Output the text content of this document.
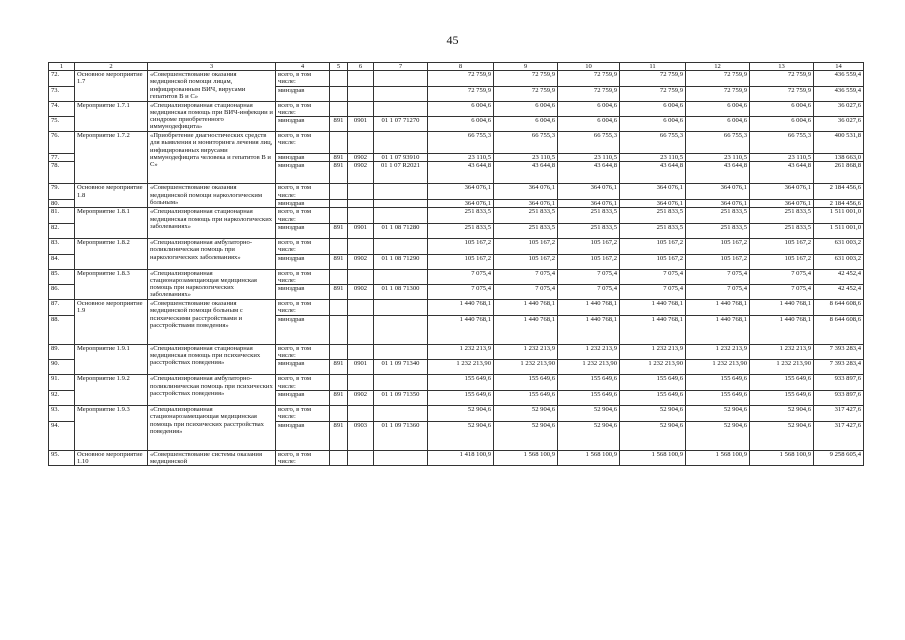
45
1	2	3	4	5	6	7	8	9	10	11	12	13	14
72.	Основное мероприятие 1.7	«Совершенствование оказания медицинской помощи лицам, инфицированным ВИЧ, вирусами гепатитов В и С»	всего, в том числе:				72 759,9	72 759,9	72 759,9	72 759,9	72 759,9	72 759,9	436 559,4
73.			минздрав				72 759,9	72 759,9	72 759,9	72 759,9	72 759,9	72 759,9	436 559,4
74.	Мероприятие 1.7.1	«Специализированная стационарная медицинская помощь при ВИЧ-инфекции и синдроме приобретенного иммунодефицита»	всего, в том числе:				6 004,6	6 004,6	6 004,6	6 004,6	6 004,6	6 004,6	36 027,6
75.			минздрав	891	0901	01 1 07 71270	6 004,6	6 004,6	6 004,6	6 004,6	6 004,6	6 004,6	36 027,6
76.	Мероприятие 1.7.2	«Приобретение диагностических средств для выявления и мониторинга лечения лиц, инфицированных вирусами иммунодефицита человека и гепатитов В и С»	всего, в том числе:				66 755,3	66 755,3	66 755,3	66 755,3	66 755,3	66 755,3	400 531,8
77.			минздрав	891	0902	01 1 07 93910	23 110,5	23 110,5	23 110,5	23 110,5	23 110,5	23 110,5	138 663,0
78.			минздрав	891	0902	01 1 07 R2021	43 644,8	43 644,8	43 644,8	43 644,8	43 644,8	43 644,8	261 868,8
79.	Основное мероприятие 1.8	«Совершенствование оказания медицинской помощи наркологическим больным»	всего, в том числе:				364 076,1	364 076,1	364 076,1	364 076,1	364 076,1	364 076,1	2 184 456,6
80.			минздрав				364 076,1	364 076,1	364 076,1	364 076,1	364 076,1	364 076,1	2 184 456,6
81.	Мероприятие 1.8.1	«Специализированная стационарная медицинская помощь при наркологических заболеваниях»	всего, в том числе:				251 833,5	251 833,5	251 833,5	251 833,5	251 833,5	251 833,5	1 511 001,0
82.			минздрав	891	0901	01 1 08 71280	251 833,5	251 833,5	251 833,5	251 833,5	251 833,5	251 833,5	1 511 001,0
83.	Мероприятие 1.8.2	«Специализированная амбулаторно-поликлиническая помощь при наркологических заболеваниях»	всего, в том числе:				105 167,2	105 167,2	105 167,2	105 167,2	105 167,2	105 167,2	631 003,2
84.			минздрав	891	0902	01 1 08 71290	105 167,2	105 167,2	105 167,2	105 167,2	105 167,2	105 167,2	631 003,2
85.	Мероприятие 1.8.3	«Специализированная стационарозамещающая медицинская помощь при наркологических заболеваниях»	всего, в том числе:				7 075,4	7 075,4	7 075,4	7 075,4	7 075,4	7 075,4	42 452,4
86.			минздрав	891	0902	01 1 08 71300	7 075,4	7 075,4	7 075,4	7 075,4	7 075,4	7 075,4	42 452,4
87.	Основное мероприятие 1.9	«Совершенствование оказания медицинской помощи больным с психическими расстройствами и расстройствами поведения»	всего, в том числе:				1 440 768,1	1 440 768,1	1 440 768,1	1 440 768,1	1 440 768,1	1 440 768,1	8 644 608,6
88.			минздрав				1 440 768,1	1 440 768,1	1 440 768,1	1 440 768,1	1 440 768,1	1 440 768,1	8 644 608,6
89.	Мероприятие 1.9.1	«Специализированная стационарная медицинская помощь при психических расстройствах поведения»	всего, в том числе:				1 232 213,9	1 232 213,9	1 232 213,9	1 232 213,9	1 232 213,9	1 232 213,9	7 393 283,4
90.			минздрав	891	0901	01 1 09 71340	1 232 213,90	1 232 213,90	1 232 213,90	1 232 213,90	1 232 213,90	1 232 213,90	7 393 283,4
91.	Мероприятие 1.9.2	«Специализированная амбулаторно-поликлиническая помощь при психических расстройствах поведения»	всего, в том числе:				155 649,6	155 649,6	155 649,6	155 649,6	155 649,6	155 649,6	933 897,6
92.			минздрав	891	0902	01 1 09 71350	155 649,6	155 649,6	155 649,6	155 649,6	155 649,6	155 649,6	933 897,6
93.	Мероприятие 1.9.3	«Специализированная стационарозамещающая медицинская помощь при психических расстройствах поведения»	всего, в том числе:				52 904,6	52 904,6	52 904,6	52 904,6	52 904,6	52 904,6	317 427,6
94.			минздрав	891	0903	01 1 09 71360	52 904,6	52 904,6	52 904,6	52 904,6	52 904,6	52 904,6	317 427,6
95.	Основное мероприятие 1.10	«Совершенствование системы оказания медицинской	всего, в том числе:				1 418 100,9	1 568 100,9	1 568 100,9	1 568 100,9	1 568 100,9	1 568 100,9	9 258 605,4
